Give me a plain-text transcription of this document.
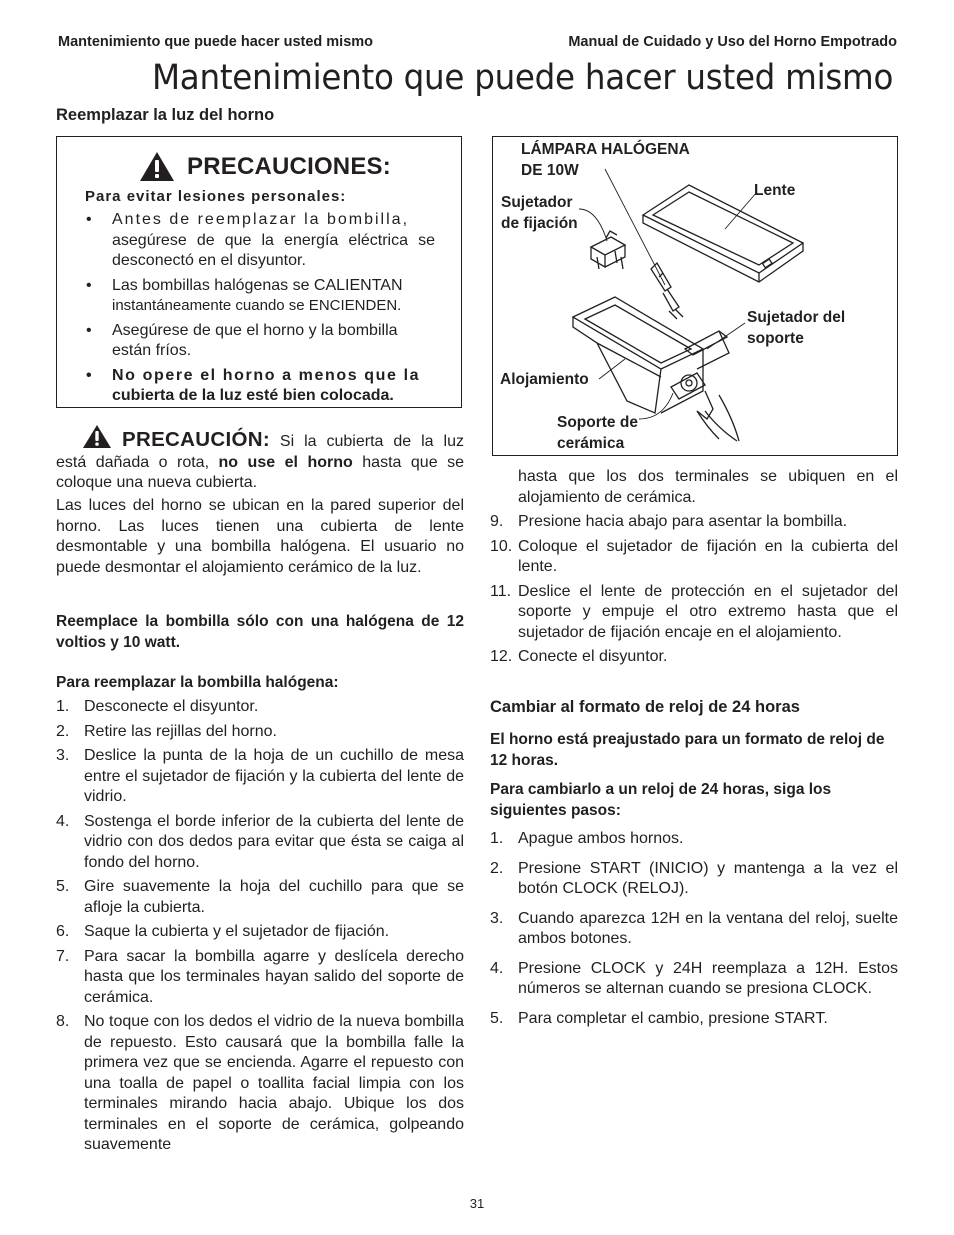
Mantenimiento que puede hacer usted mismo	Manual de Cuidado y Uso del Horno Empotrado
Mantenimiento que puede hacer usted mismo
Reemplazar la luz del horno
PRECAUCIONES:
Para evitar lesiones personales:
• Antes de reemplazar la bombilla,
asegúrese de que la energía eléctrica se desconectó en el disyuntor.
• Las bombillas halógenas se CALIENTAN
instantáneamente cuando se ENCIENDEN.
• Asegúrese de que el horno y la bombilla
están fríos.
• No opere el horno a menos que la
cubierta de la luz esté bien colocada.
PRECAUCIÓN: Si la cubierta de la luz está dañada o rota, no use el horno hasta que se coloque una nueva cubierta.
Las luces del horno se ubican en la pared superior del horno. Las luces tienen una cubierta de lente desmontable y una bombilla halógena. El usuario no puede desmontar el alojamiento cerámico de la luz.
Reemplace la bombilla sólo con una halógena de 12 voltios y 10 watt.
Para reemplazar la bombilla halógena:
1. Desconecte el disyuntor.
2. Retire las rejillas del horno.
3. Deslice la punta de la hoja de un cuchillo de mesa entre el sujetador de fijación y la cubierta del lente de vidrio.
4. Sostenga el borde inferior de la cubierta del lente de vidrio con dos dedos para evitar que ésta se caiga al fondo del horno.
5. Gire suavemente la hoja del cuchillo para que se afloje la cubierta.
6. Saque la cubierta y el sujetador de fijación.
7. Para sacar la bombilla agarre y deslícela derecho hasta que los terminales hayan salido del soporte de cerámica.
8. No toque con los dedos el vidrio de la nueva bombilla de repuesto. Esto causará que la bombilla falle la primera vez que se encienda. Agarre el repuesto con una toalla de papel o toallita facial limpia con los terminales mirando hacia abajo. Ubique los dos terminales en el soporte de cerámica, golpeando suavemente
LÁMPARA HALÓGENA
DE 10W
Lente
Sujetador
de fijación
Sujetador del
soporte
Alojamiento
Soporte de
cerámica
hasta que los dos terminales se ubiquen en el alojamiento de cerámica.
9. Presione hacia abajo para asentar la bombilla.
10. Coloque el sujetador de fijación en la cubierta del lente.
11. Deslice el lente de protección en el sujetador del soporte y empuje el otro extremo hasta que el sujetador de fijación encaje en el alojamiento.
12. Conecte el disyuntor.
Cambiar al formato de reloj de 24 horas
El horno está preajustado para un formato de reloj de 12 horas.
Para cambiarlo a un reloj de 24 horas, siga los siguientes pasos:
1. Apague ambos hornos.
2. Presione START (INICIO) y mantenga a la vez el botón CLOCK (RELOJ).
3. Cuando aparezca 12H en la ventana del reloj, suelte ambos botones.
4. Presione CLOCK y 24H reemplaza a 12H. Estos números se alternan cuando se presiona CLOCK.
5. Para completar el cambio, presione START.
31
